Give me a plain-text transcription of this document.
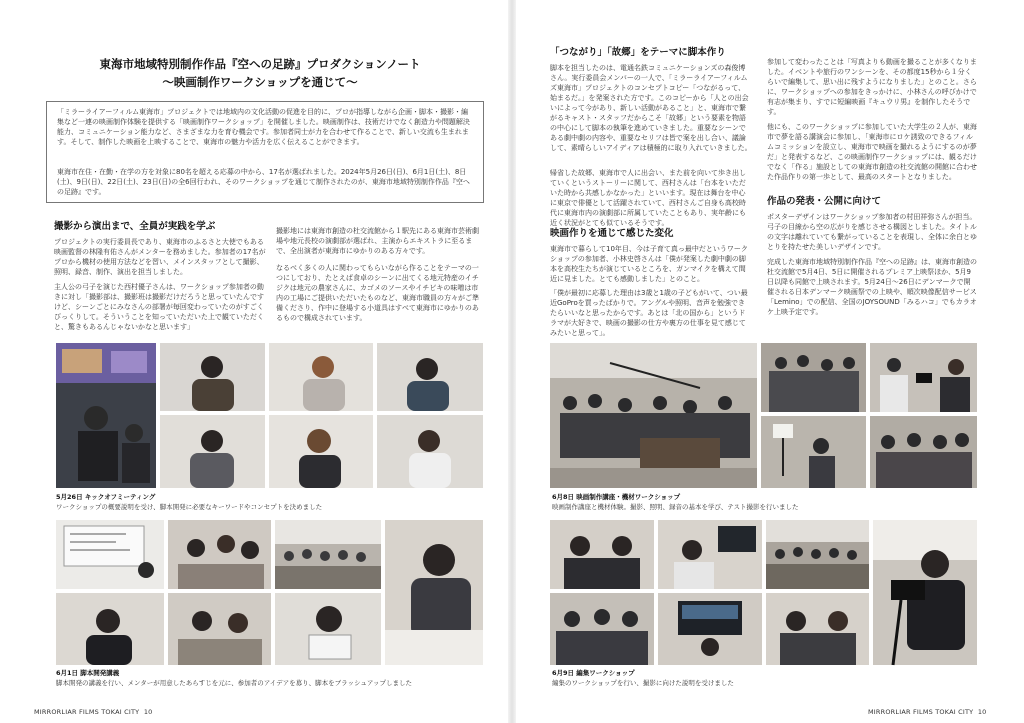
東海市地域特別制作作品『空への足跡』プロダクションノート
〜映画制作ワークショップを通じて〜
「ミラーライアーフィルム東海市」プロジェクトでは地域内の文化活動の促進を目的に、プロが指導しながら企画・脚本・撮影・編集など一連の映画制作体験を提供する「映画制作ワークショップ」を開催しました。映画制作は、技術だけでなく創造力や問題解決能力、コミュニケーション能力など、さまざまな力を育む機会です。参加者同士が力を合わせて作ることで、新しい交流も生まれます。そして、制作した映画を上映することで、東海市の魅力や活力を広く伝えることができます。
東海市在住・在勤・在学の方を対象に80名を超える応募の中から、17名が選ばれました。2024年5月26日(日)、6月1日(土)、8日(土)、9日(日)、22日(土)、23日(日)の全6回行われ、そのワークショップを通じて制作されたのが、東海市地域特別制作作品『空への足跡』です。
撮影から演出まで、全員が実践を学ぶ
プロジェクトの実行委員長であり、東海市のふるさと大使でもある映画監督の林隆有佑さんがメンターを務めました。参加者の17名がプロから機材の使用方法などを習い、メインスタッフとして撮影、照明、録音、制作、演出を担当しました。
主人公の弓子を演じた西村優子さんは、ワークショップ参加者の動きに対し「撮影部は、撮影班は撮影だけだろうと思っていたんですけど、シーンごとにみなさんの部署が毎回変わっていたのがすごくびっくりして。そういうことを知っていただいた上で観ていただくと、驚きもあるんじゃないかなと思います」
撮影地には東海市創造の杜交流館から１駅先にある東海市芸術劇場や地元長校の演劇部が選ばれ、主演からエキストラに至るまで、全出演者が東海市にゆかりのある方々です。
なるべく多くの人に関わってもらいながら作ることをテーマの一つにしており、たとえば食卓のシーンに出てくる地元特産のイチジクは地元の農家さんに、カゴメのソースやイチビキの味噌は市内の工場にご提供いただいたものなど、東海市職員の方々がご準備くださり、作中に登場する小道具はすべて東海市にゆかりのあるもので構成されています。
5月26日 キックオフミーティング
ワークショップの概要説明を受け、脚本開発に必要なキーワードやコンセプトを決めました
6月1日 脚本開発講義
脚本開発の講義を行い、メンターが用意したあらすじを元に、参加者のアイデアを募り、脚本をブラッシュアップしました
MIRRORLIAR FILMS TOKAI CITY 10
「つながり」「故郷」をテーマに脚本作り
脚本を担当したのは、電通名鉄コミュニケーションズの森俊博さん。実行委員会メンバーの一人で、「ミラーライアーフィルムズ東海市」プロジェクトのコンセプトコピー「つながるって、始まるだ。」を発案された方です。このコピーから「人との出会いによって今があり、新しい活動があること」と、東海市で繋がるキャスト・スタッフだからこそ「故郷」という要素を物語の中心にして脚本の執筆を進めていきました。重要なシーンである劇中劇の内容や、重要なセリフは皆で案を出し合い、議論して、素晴らしいアイディアは積極的に取り入れていきました。
帰省した故郷、東海市で人に出会い、また前を向いて歩き出していくというストーリーに関して、西村さんは「台本をいただいた時から共感しかなかった」といいます。現在は舞台を中心に東京で俳優として活躍されていて、西村さんご自身も高校時代に東海市内の演劇部に所属していたこともあり、実年齢にも近く状況がとても似ているそうです。
映画作りを通じて感じた変化
東海市で暮らして10年目、今は子育て真っ最中だというワークショップの参加者、小林史啓さんは「僕が発案した劇中劇の脚本を高校生たちが演じているところを、ガンマイクを構えて間近に見ました。とても感動しました」とのこと。
「僕が最初に応募した理由は3歳と1歳の子どもがいて、つい最近GoProを買ったばかりで。アングルや照明、音声を勉強できたらいいなと思ったからです。あとは「北の国から」というドラマが大好きで、映画の撮影の仕方や裏方の仕事を見て感じてみたいと思って」。
参加して変わったことは「写真よりも動画を撮ることが多くなりました。イベントや旅行のワンシーンを、その都度15秒から１分くらいで編集して、思い出に残すようになりました」とのこと。さらに、ワークショップへの参加をきっかけに、小林さんの呼びかけで有志が集まり、すでに短編映画『キュウリ男』を制作したそうです。
他にも、このワークショップに参加していた大学生の２人が、東海市で夢を語る講演会に参加し、「東海市にロケ誘致のできるフィルムコミッションを設立し、東海市で映画を撮れるようにするのが夢だ」と発表するなど、この映画制作ワークショップには、観るだけでなく「作る」施設としての東海市創造の杜交流館の開館に合わせた作品作りの第一歩として、最高のスタートとなりました。
作品の発表・公開に向けて
ポスターデザインはワークショップ参加者の村田祥弥さんが担当。弓子の目線から空の広がりを感じさせる構図としました。タイトルの文字は離れていても繋がっていることを表現し、全体に余白とゆとりを持たせた美しいデザインです。
完成した東海市地域特別制作作品『空への足跡』は、東海市創造の杜交流館で5月4日、5日に開催されるプレミア上映祭ほか、5月9日以降も同館で上映されます。5月24日〜26日にデンマークで開催される日本デンマーク映画祭での上映や、順次映像配信サービス「Lemino」での配信、全国のJOYSOUND「みるハコ」でもカラオケ上映予定です。
6月8日 映画制作講座・機材ワークショップ
映画制作講座と機材体験。撮影、照明、録音の基本を学び、テスト撮影を行いました
6月9日 編集ワークショップ
編集のワークショップを行い、撮影に向けた説明を受けました
MIRRORLIAR FILMS TOKAI CITY 10
